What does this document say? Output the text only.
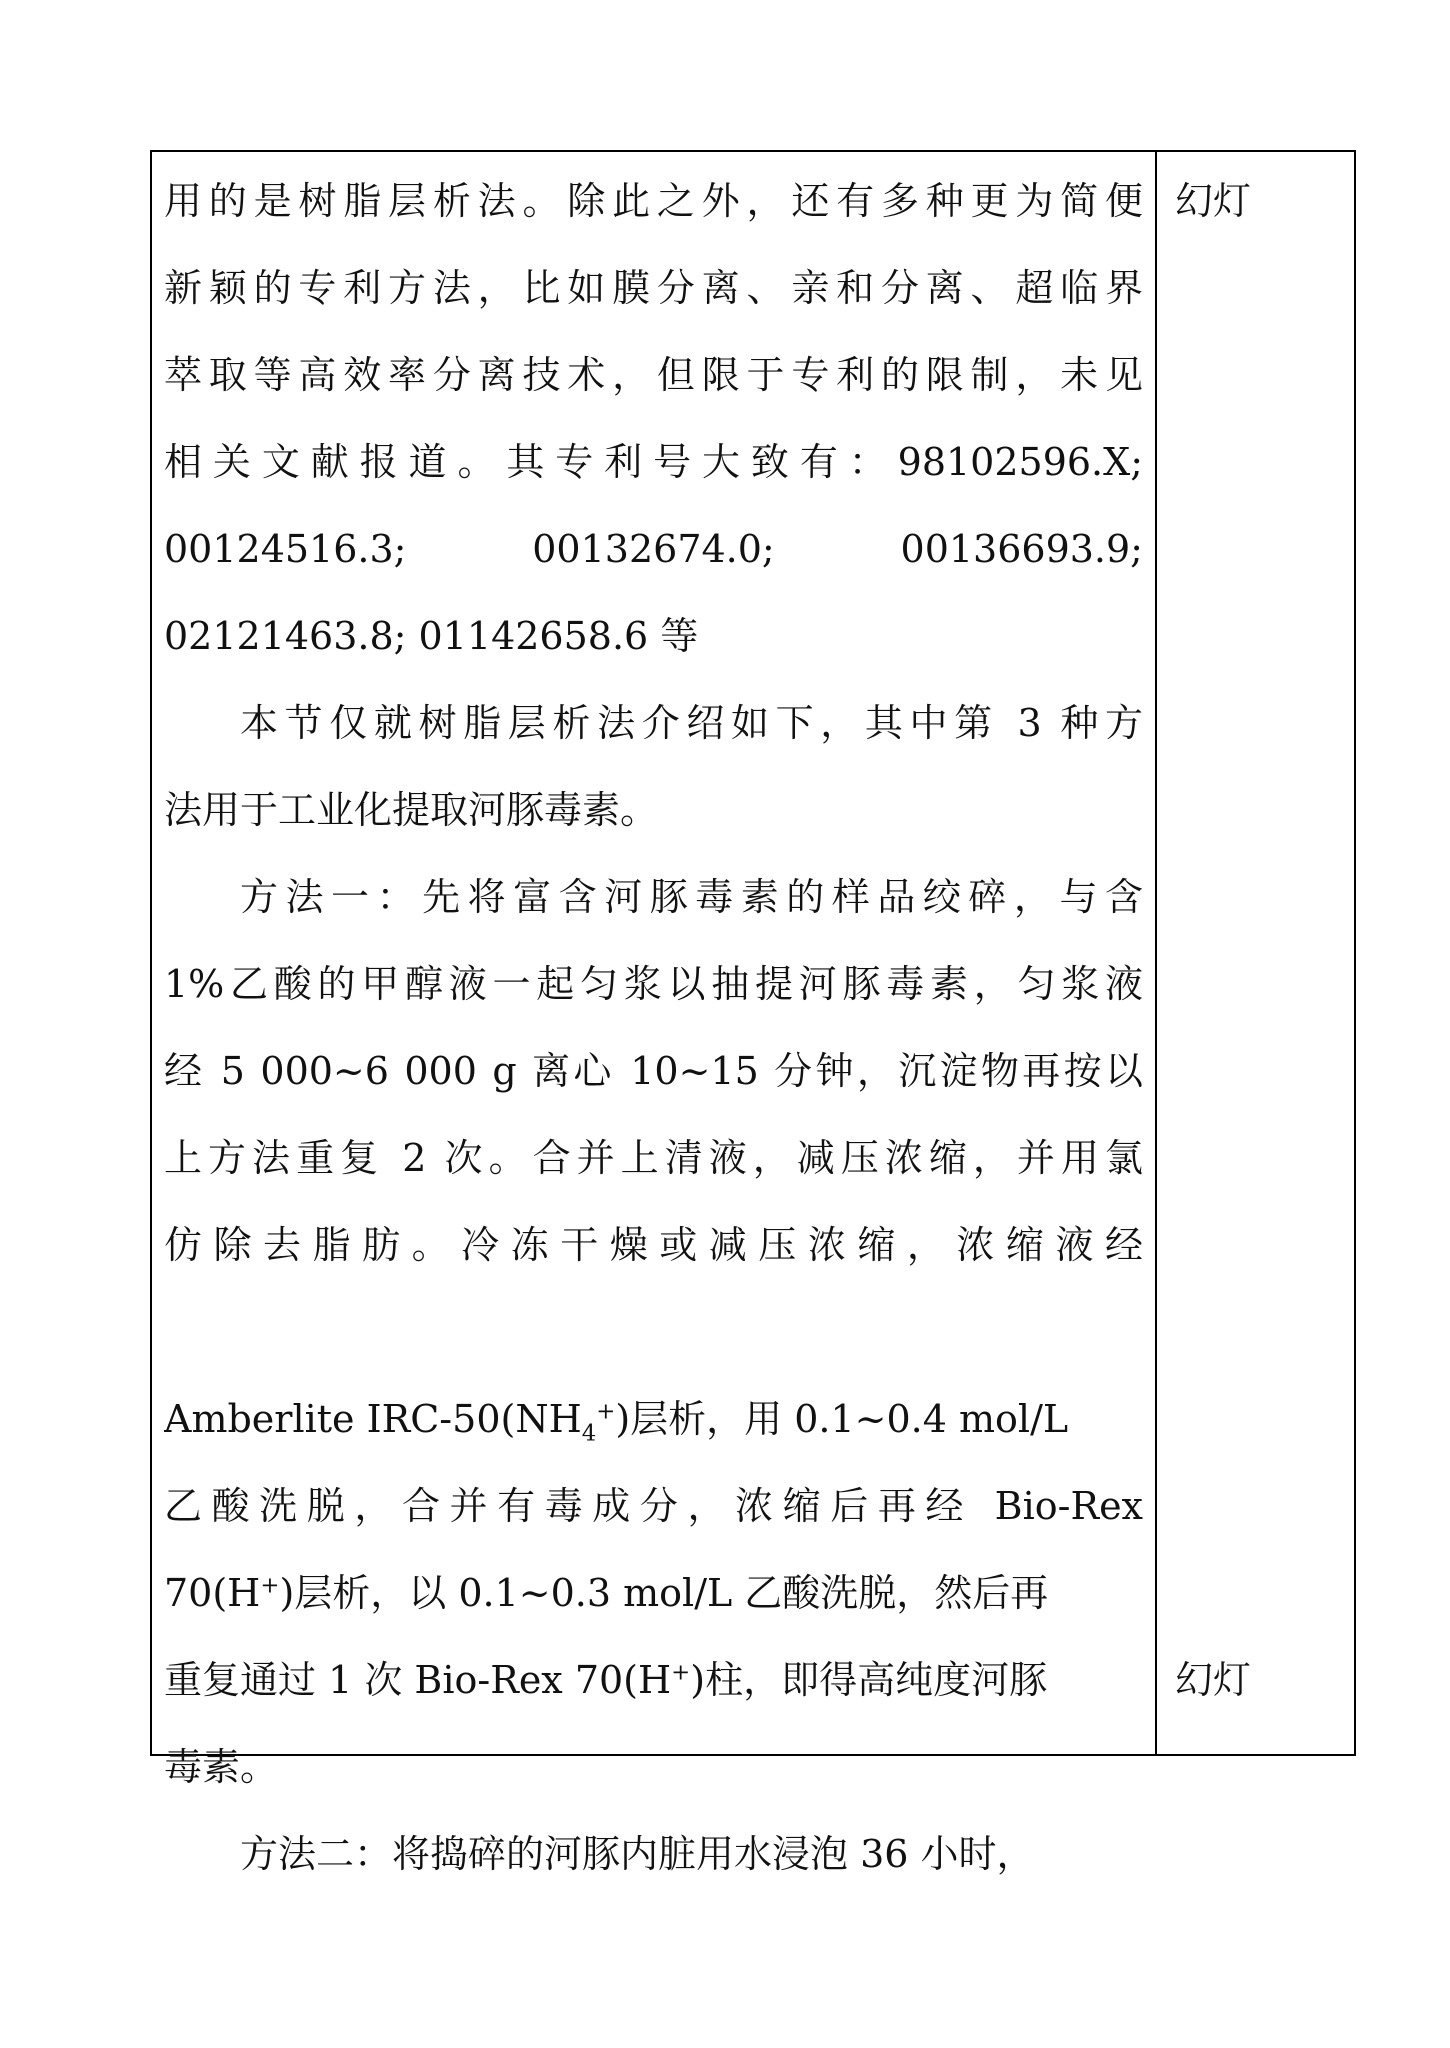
用的是树脂层析法。除此之外，还有多种更为简便
新颖的专利方法，比如膜分离、亲和分离、超临界
萃取等高效率分离技术，但限于专利的限制，未见
相关文献报道。其专利号大致有：98102596.X;
00124516.3;    00132674.0;    00136693.9;
02121463.8; 01142658.6 等
本节仅就树脂层析法介绍如下，其中第 3 种方
法用于工业化提取河豚毒素。
方法一：先将富含河豚毒素的样品绞碎，与含
1%乙酸的甲醇液一起匀浆以抽提河豚毒素，匀浆液
经 5 000~6 000 g 离心 10~15 分钟，沉淀物再按以
上方法重复 2 次。合并上清液，减压浓缩，并用氯
仿除去脂肪。冷冻干燥或减压浓缩，浓缩液经

Amberlite IRC-$50(NH_4^+)$层析，用 0.1~0.4 mol/L
乙酸洗脱，合并有毒成分，浓缩后再经 Bio-Rex
70(H+)层析，以 0.1~0.3 mol/L 乙酸洗脱，然后再
重复通过 1 次 Bio-Rex 70(H+)柱，即得高纯度河豚
毒素。
方法二：将捣碎的河豚内脏用水浸泡 36 小时，
幻灯
幻灯
